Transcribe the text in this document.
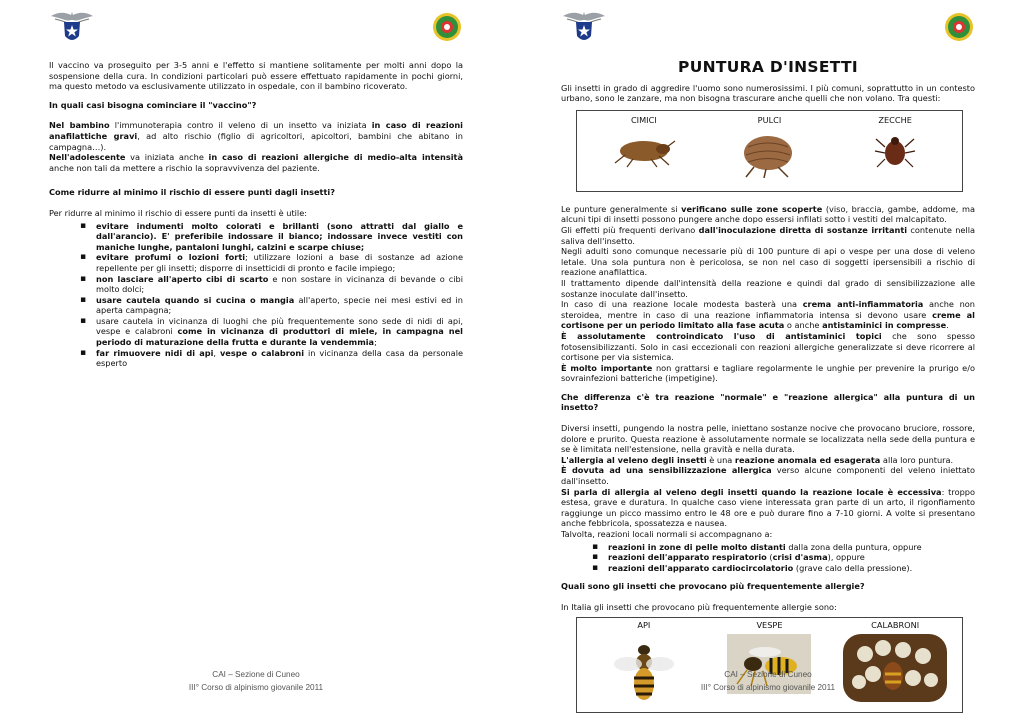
Il vaccino va proseguito per 3-5 anni e l'effetto si mantiene solitamente per molti anni dopo la sospensione della cura. In condizioni particolari può essere effettuato rapidamente in pochi giorni, ma questo metodo va esclusivamente utilizzato in ospedale, con il bambino ricoverato.

In quali casi bisogna cominciare il "vaccino"?

Nel bambino l'immunoterapia contro il veleno di un insetto va iniziata in caso di reazioni anafilattiche gravi, ad alto rischio (figlio di agricoltori, apicoltori, bambini che abitano in campagna…).
Nell'adolescente va iniziata anche in caso di reazioni allergiche di medio-alta intensità anche non tali da mettere a rischio la sopravvivenza del paziente.

Come ridurre al minimo il rischio di essere punti dagli insetti?

Per ridurre al minimo il rischio di essere punti da insetti è utile:

▪ evitare indumenti molto colorati e brillanti (sono attratti dal giallo e dall'arancio). E' preferibile indossare il bianco; indossare invece vestiti con maniche lunghe, pantaloni lunghi, calzini e scarpe chiuse;
▪ evitare profumi o lozioni forti; utilizzare lozioni a base di sostanze ad azione repellente per gli insetti; disporre di insetticidi di pronto e facile impiego;
▪ non lasciare all'aperto cibi di scarto e non sostare in vicinanza di bevande o cibi molto dolci;
▪ usare cautela quando si cucina o mangia all'aperto, specie nei mesi estivi ed in aperta campagna;
▪ usare cautela in vicinanza di luoghi che più frequentemente sono sede di nidi di api, vespe e calabroni come in vicinanza di produttori di miele, in campagna nel periodo di maturazione della frutta e durante la vendemmia;
▪ far rimuovere nidi di api, vespe o calabroni in vicinanza della casa da personale esperto
CAI – Sezione di Cuneo
III° Corso di alpinismo giovanile 2011
PUNTURA D'INSETTI

Gli insetti in grado di aggredire l'uomo sono numerosissimi. I più comuni, soprattutto in un contesto urbano, sono le zanzare, ma non bisogna trascurare anche quelli che non volano. Tra questi:

CIMICI	PULCI	ZECCHE

Le punture generalmente si verificano sulle zone scoperte (viso, braccia, gambe, addome, ma alcuni tipi di insetti possono pungere anche dopo essersi infilati sotto i vestiti del malcapitato.
Gli effetti più frequenti derivano dall'inoculazione diretta di sostanze irritanti contenute nella saliva dell'insetto.
Negli adulti sono comunque necessarie più di 100 punture di api o vespe per una dose di veleno letale. Una sola puntura non è pericolosa, se non nel caso di soggetti ipersensibili a rischio di reazione anafilattica.
Il trattamento dipende dall'intensità della reazione e quindi dal grado di sensibilizzazione alle sostanze inoculate dall'insetto.
In caso di una reazione locale modesta basterà una crema anti-infiammatoria anche non steroidea, mentre in caso di una reazione infiammatoria intensa si devono usare creme al cortisone per un periodo limitato alla fase acuta o anche antistaminici in compresse.
È assolutamente controindicato l'uso di antistaminici topici che sono spesso fotosensibilizzanti. Solo in casi eccezionali con reazioni allergiche generalizzate si deve ricorrere al cortisone per via sistemica.
È molto importante non grattarsi e tagliare regolarmente le unghie per prevenire la prurigo e/o sovrainfezioni batteriche (impetigine).

Che differenza c'è tra reazione "normale" e "reazione allergica" alla puntura di un insetto?

Diversi insetti, pungendo la nostra pelle, iniettano sostanze nocive che provocano bruciore, rossore, dolore e prurito. Questa reazione è assolutamente normale se localizzata nella sede della puntura e se è limitata nell'estensione, nella gravità e nella durata.
L'allergia al veleno degli insetti è una reazione anomala ed esagerata alla loro puntura.
È dovuta ad una sensibilizzazione allergica verso alcune componenti del veleno iniettato dall'insetto.
Si parla di allergia al veleno degli insetti quando la reazione locale è eccessiva: troppo estesa, grave e duratura. In qualche caso viene interessata gran parte di un arto, il rigonfiamento raggiunge un picco massimo entro le 48 ore e può durare fino a 7-10 giorni. A volte si presentano anche febbricola, spossatezza e nausea.
Talvolta, reazioni locali normali si accompagnano a:

▪ reazioni in zone di pelle molto distanti dalla zona della puntura, oppure
▪ reazioni dell'apparato respiratorio (crisi d'asma), oppure
▪ reazioni dell'apparato cardiocircolatorio (grave calo della pressione).

Quali sono gli insetti che provocano più frequentemente allergie?

In Italia gli insetti che provocano più frequentemente allergie sono:

API	VESPE	CALABRONI
CAI – Sezione di Cuneo
III° Corso di alpinismo giovanile 2011
